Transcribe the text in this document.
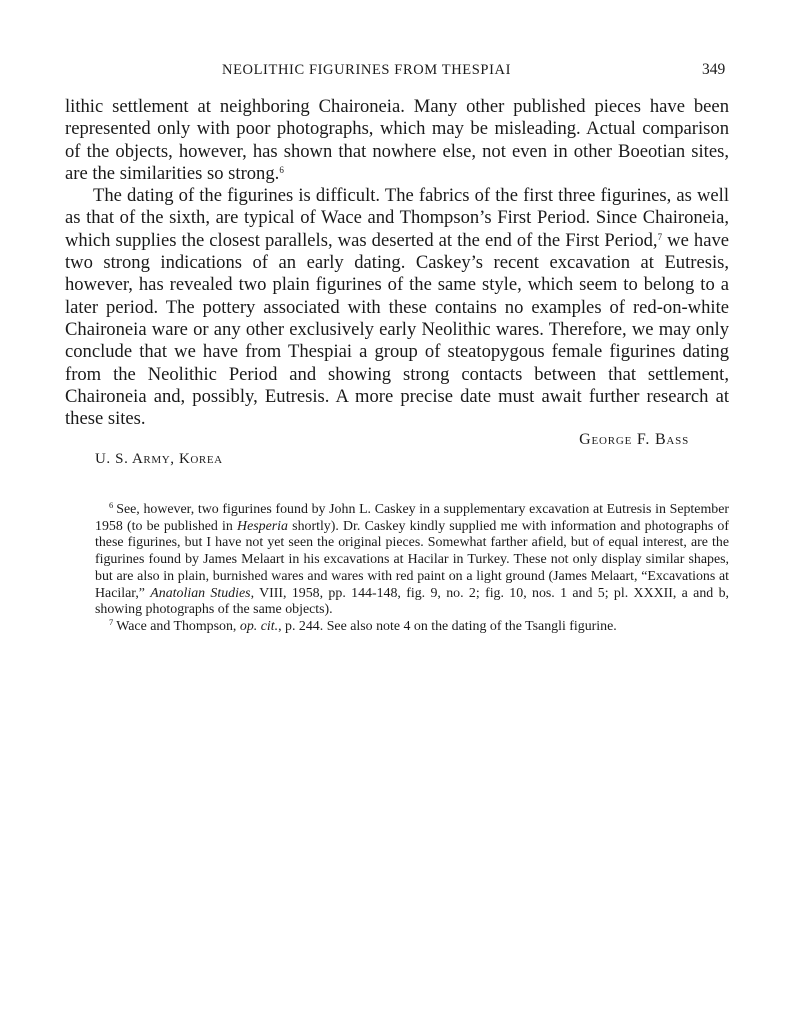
NEOLITHIC FIGURINES FROM THESPIAI	349

lithic settlement at neighboring Chaironeia. Many other published pieces have been represented only with poor photographs, which may be misleading. Actual comparison of the objects, however, has shown that nowhere else, not even in other Boeotian sites, are the similarities so strong.$^6$

The dating of the figurines is difficult. The fabrics of the first three figurines, as well as that of the sixth, are typical of Wace and Thompson’s First Period. Since Chaironeia, which supplies the closest parallels, was deserted at the end of the First Period,$^7$ we have two strong indications of an early dating. Caskey’s recent excavation at Eutresis, however, has revealed two plain figurines of the same style, which seem to belong to a later period. The pottery associated with these contains no examples of red-on-white Chaironeia ware or any other exclusively early Neolithic wares. Therefore, we may only conclude that we have from Thespiai a group of steatopygous female figurines dating from the Neolithic Period and showing strong contacts between that settlement, Chaironeia and, possibly, Eutresis. A more precise date must await further research at these sites.

George F. Bass
U. S. Army, Korea

$^6$ See, however, two figurines found by John L. Caskey in a supplementary excavation at Eutresis in September 1958 (to be published in Hesperia shortly). Dr. Caskey kindly supplied me with information and photographs of these figurines, but I have not yet seen the original pieces. Somewhat farther afield, but of equal interest, are the figurines found by James Melaart in his excavations at Hacilar in Turkey. These not only display similar shapes, but are also in plain, burnished wares and wares with red paint on a light ground (James Melaart, “Excavations at Hacilar,” Anatolian Studies, VIII, 1958, pp. 144-148, fig. 9, no. 2; fig. 10, nos. 1 and 5; pl. XXXII, a and b, showing photographs of the same objects).

$^7$ Wace and Thompson, op. cit., p. 244. See also note 4 on the dating of the Tsangli figurine.
